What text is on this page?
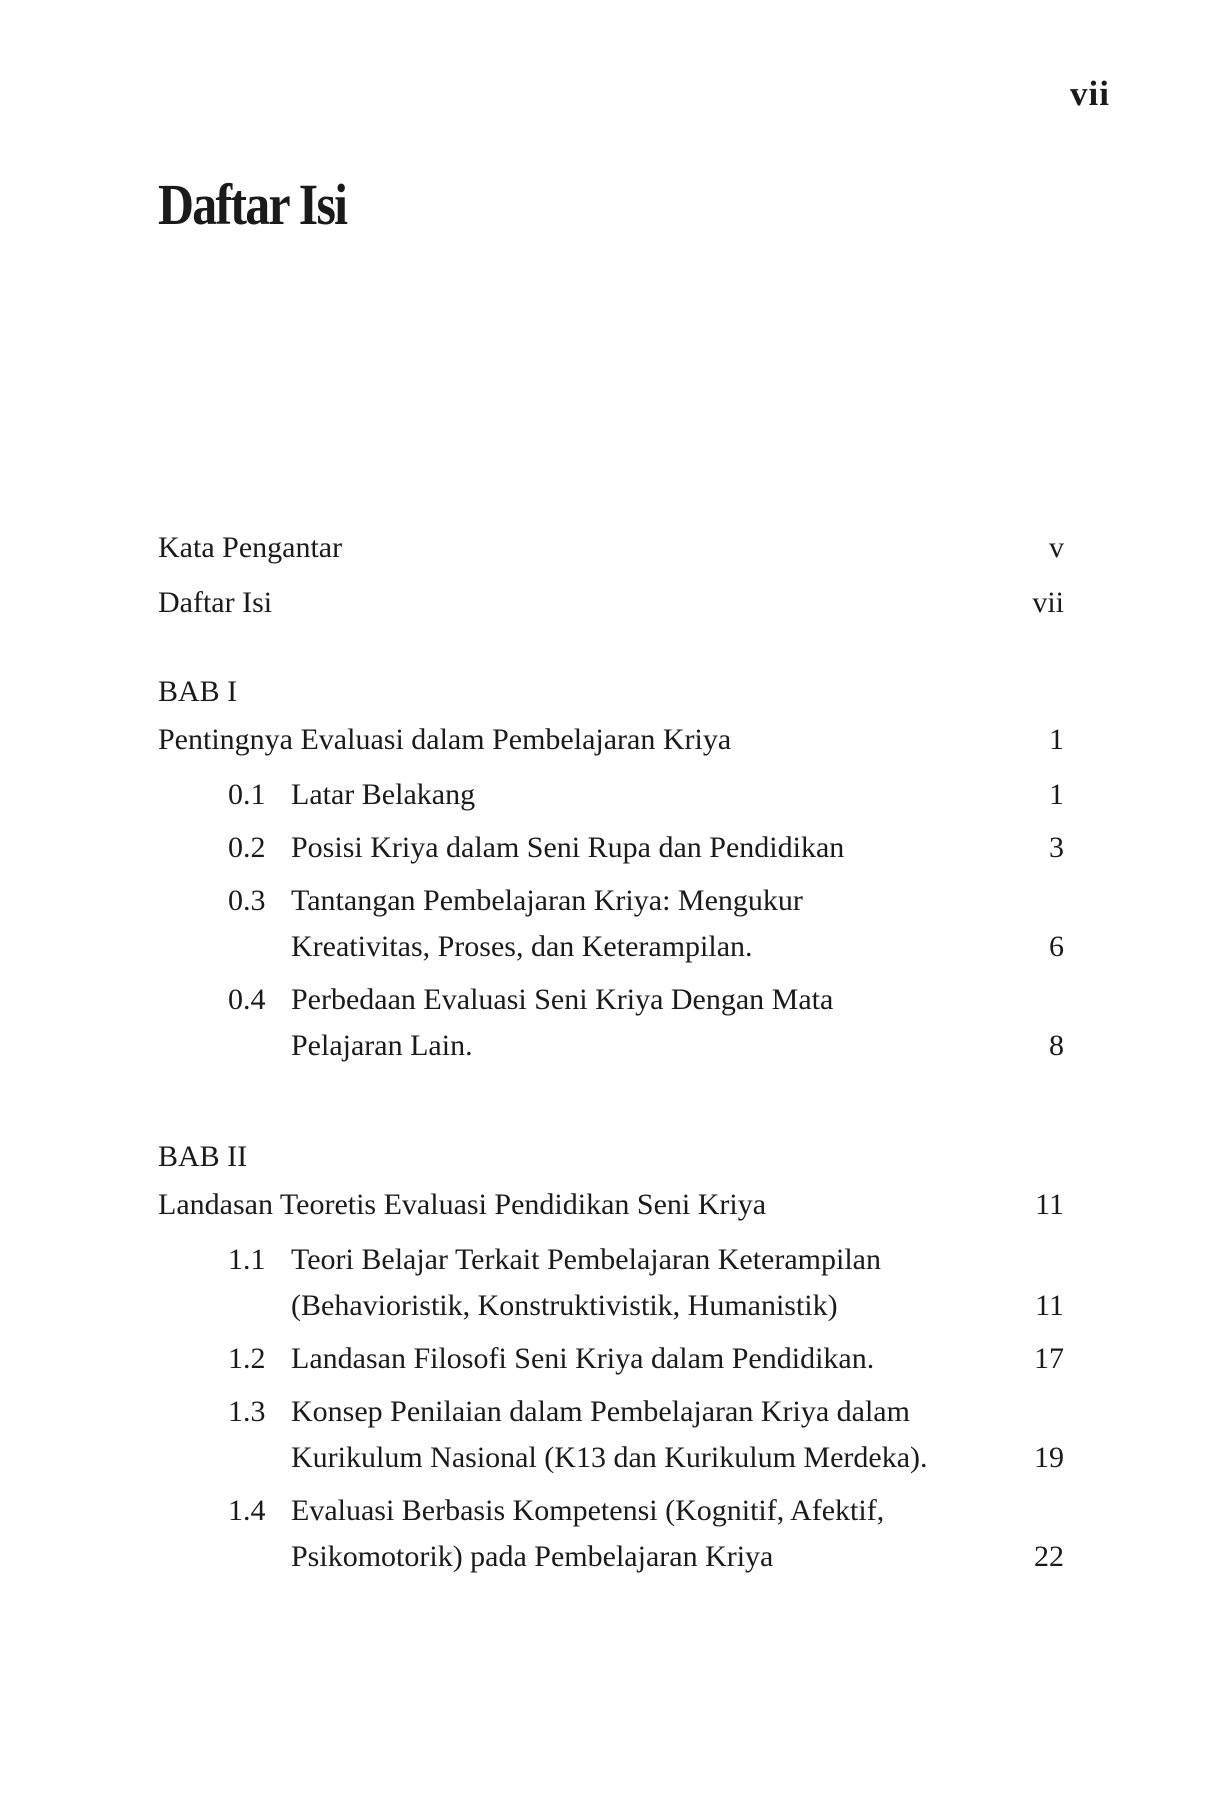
vii
Daftar Isi
Kata Pengantar	v
Daftar Isi	vii
BAB I
Pentingnya Evaluasi dalam Pembelajaran Kriya	1
0.1 Latar Belakang	1
0.2 Posisi Kriya dalam Seni Rupa dan Pendidikan	3
0.3 Tantangan Pembelajaran Kriya: Mengukur
Kreativitas, Proses, dan Keterampilan.	6
0.4 Perbedaan Evaluasi Seni Kriya Dengan Mata
Pelajaran Lain.	8
BAB II
Landasan Teoretis Evaluasi Pendidikan Seni Kriya	11
1.1 Teori Belajar Terkait Pembelajaran Keterampilan
(Behavioristik, Konstruktivistik, Humanistik)	11
1.2 Landasan Filosofi Seni Kriya dalam Pendidikan.	17
1.3 Konsep Penilaian dalam Pembelajaran Kriya dalam
Kurikulum Nasional (K13 dan Kurikulum Merdeka).	19
1.4 Evaluasi Berbasis Kompetensi (Kognitif, Afektif,
Psikomotorik) pada Pembelajaran Kriya	22
